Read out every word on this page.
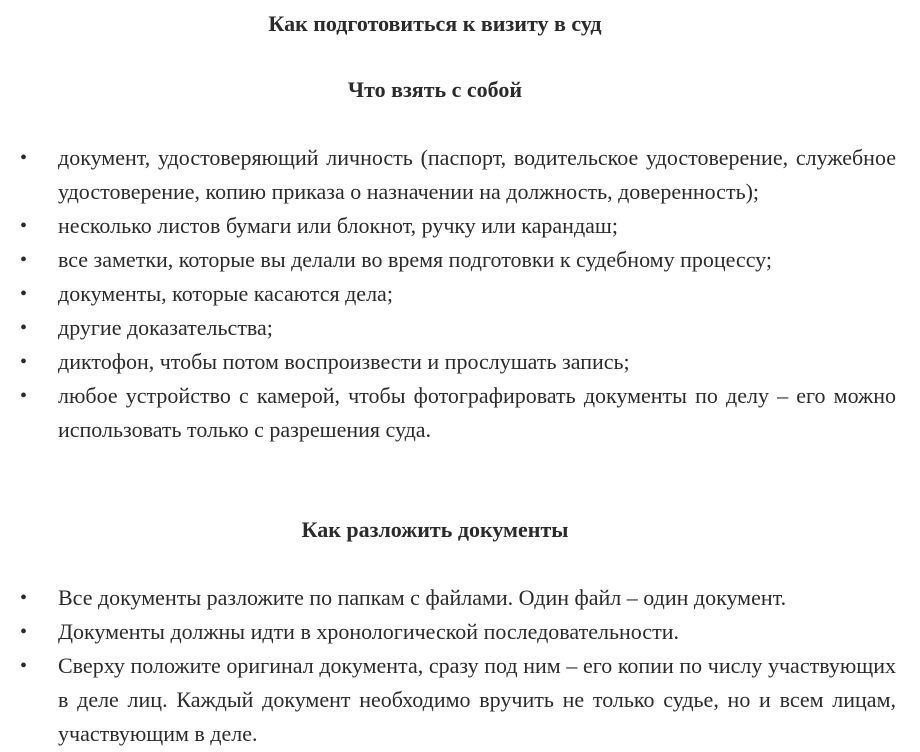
Как подготовиться к визиту в суд
Что взять с собой
• документ, удостоверяющий личность (паспорт, водительское удостоверение, служебное удостоверение, копию приказа о назначении на должность, доверенность);
• несколько листов бумаги или блокнот, ручку или карандаш;
• все заметки, которые вы делали во время подготовки к судебному процессу;
• документы, которые касаются дела;
• другие доказательства;
• диктофон, чтобы потом воспроизвести и прослушать запись;
• любое устройство с камерой, чтобы фотографировать документы по делу – его можно использовать только с разрешения суда.
Как разложить документы
• Все документы разложите по папкам с файлами. Один файл – один документ.
• Документы должны идти в хронологической последовательности.
• Сверху положите оригинал документа, сразу под ним – его копии по числу участвующих в деле лиц. Каждый документ необходимо вручить не только судье, но и всем лицам, участвующим в деле.
